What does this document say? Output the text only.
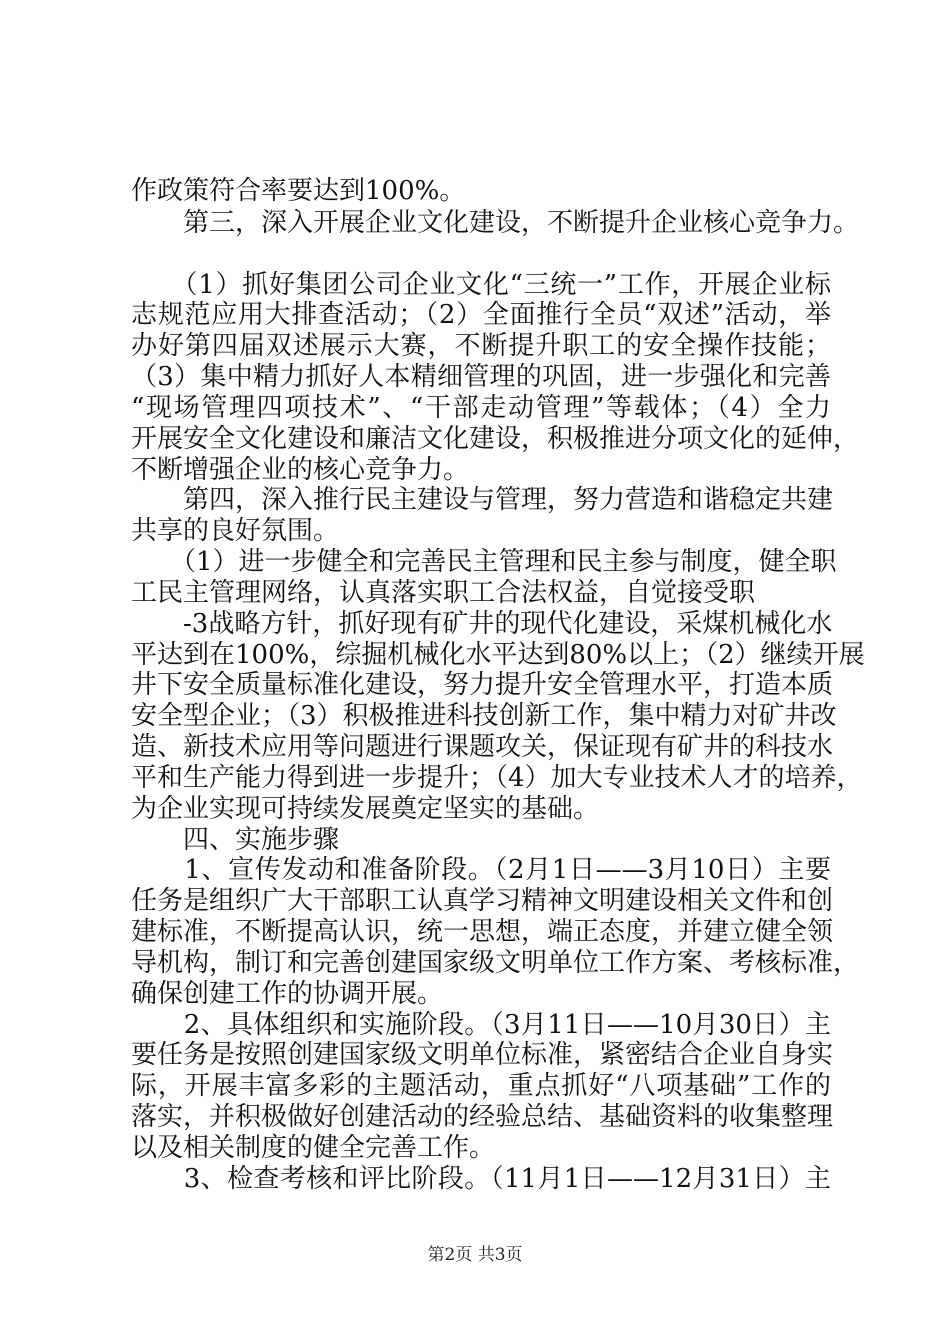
作政策符合率要达到100%。
　　第三，深入开展企业文化建设，不断提升企业核心竞争力。
　　（1）抓好集团公司企业文化“三统一”工作，开展企业标
志规范应用大排查活动；（2）全面推行全员“双述”活动，举
办好第四届双述展示大赛，不断提升职工的安全操作技能；
（3）集中精力抓好人本精细管理的巩固，进一步强化和完善
“现场管理四项技术”、“干部走动管理”等载体；（4）全力
开展安全文化建设和廉洁文化建设，积极推进分项文化的延伸，
不断增强企业的核心竞争力。
　　第四，深入推行民主建设与管理，努力营造和谐稳定共建
共享的良好氛围。
　　（1）进一步健全和完善民主管理和民主参与制度，健全职
工民主管理网络，认真落实职工合法权益，自觉接受职
　　-3战略方针，抓好现有矿井的现代化建设，采煤机械化水
平达到在100%，综掘机械化水平达到80%以上；（2）继续开展
井下安全质量标准化建设，努力提升安全管理水平，打造本质
安全型企业；（3）积极推进科技创新工作，集中精力对矿井改
造、新技术应用等问题进行课题攻关，保证现有矿井的科技水
平和生产能力得到进一步提升；（4）加大专业技术人才的培养，
为企业实现可持续发展奠定坚实的基础。
　　四、实施步骤
　　1、宣传发动和准备阶段。（2月1日——3月10日）主要
任务是组织广大干部职工认真学习精神文明建设相关文件和创
建标准，不断提高认识，统一思想，端正态度，并建立健全领
导机构，制订和完善创建国家级文明单位工作方案、考核标准，
确保创建工作的协调开展。
　　2、具体组织和实施阶段。（3月11日——10月30日）主
要任务是按照创建国家级文明单位标准，紧密结合企业自身实
际，开展丰富多彩的主题活动，重点抓好“八项基础”工作的
落实，并积极做好创建活动的经验总结、基础资料的收集整理
以及相关制度的健全完善工作。
　　3、检查考核和评比阶段。（11月1日——12月31日）主
第2页 共3页
